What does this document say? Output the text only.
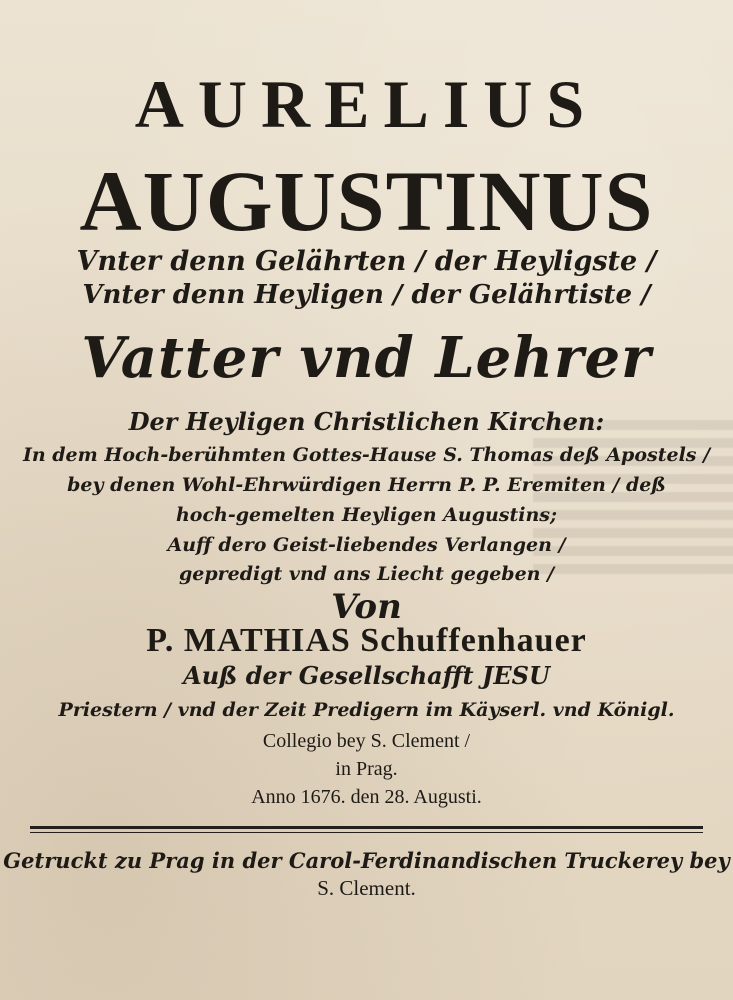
AURELIUS
AUGUSTINUS
Vnter denn Gelährten / der Heyligste /
Vnter denn Heyligen / der Gelährtiste /
Vatter vnd Lehrer
Der Heyligen Christlichen Kirchen:
In dem Hoch-berühmten Gottes-Hause S. Thomas deß Apostels /
bey denen Wohl-Ehrwürdigen Herrn P. P. Eremiten / deß
hoch-gemelten Heyligen Augustins;
Auff dero Geist-liebendes Verlangen /
gepredigt vnd ans Liecht gegeben /
Von
P. MATHIAS Schuffenhauer
Auß der Gesellschafft JESU
Priestern / vnd der Zeit Predigern im Käyserl. vnd Königl.
Collegio bey S. Clement /
in Prag.
Anno 1676. den 28. Augusti.
Getruckt zu Prag in der Carol-Ferdinandischen Truckerey bey
S. Clement.
